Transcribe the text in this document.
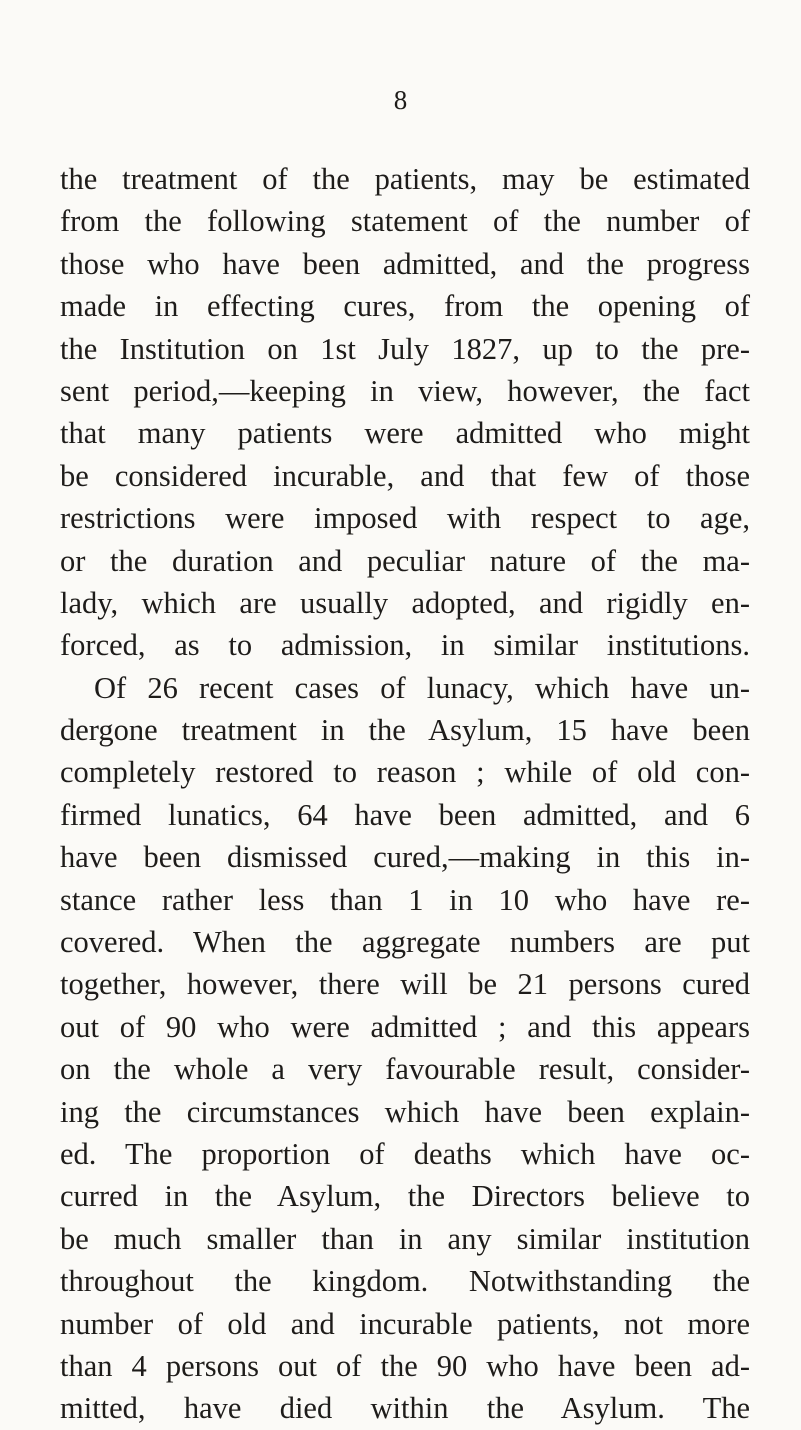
8
the treatment of the patients, may be estimated
from the following statement of the number of
those who have been admitted, and the progress
made in effecting cures, from the opening of
the Institution on 1st July 1827, up to the pre-
sent period,—keeping in view, however, the fact
that many patients were admitted who might
be considered incurable, and that few of those
restrictions were imposed with respect to age,
or the duration and peculiar nature of the ma-
lady, which are usually adopted, and rigidly en-
forced, as to admission, in similar institutions.
Of 26 recent cases of lunacy, which have un-
dergone treatment in the Asylum, 15 have been
completely restored to reason ; while of old con-
firmed lunatics, 64 have been admitted, and 6
have been dismissed cured,—making in this in-
stance rather less than 1 in 10 who have re-
covered. When the aggregate numbers are put
together, however, there will be 21 persons cured
out of 90 who were admitted ; and this appears
on the whole a very favourable result, consider-
ing the circumstances which have been explain-
ed. The proportion of deaths which have oc-
curred in the Asylum, the Directors believe to
be much smaller than in any similar institution
throughout the kingdom. Notwithstanding the
number of old and incurable patients, not more
than 4 persons out of the 90 who have been ad-
mitted, have died within the Asylum. The
